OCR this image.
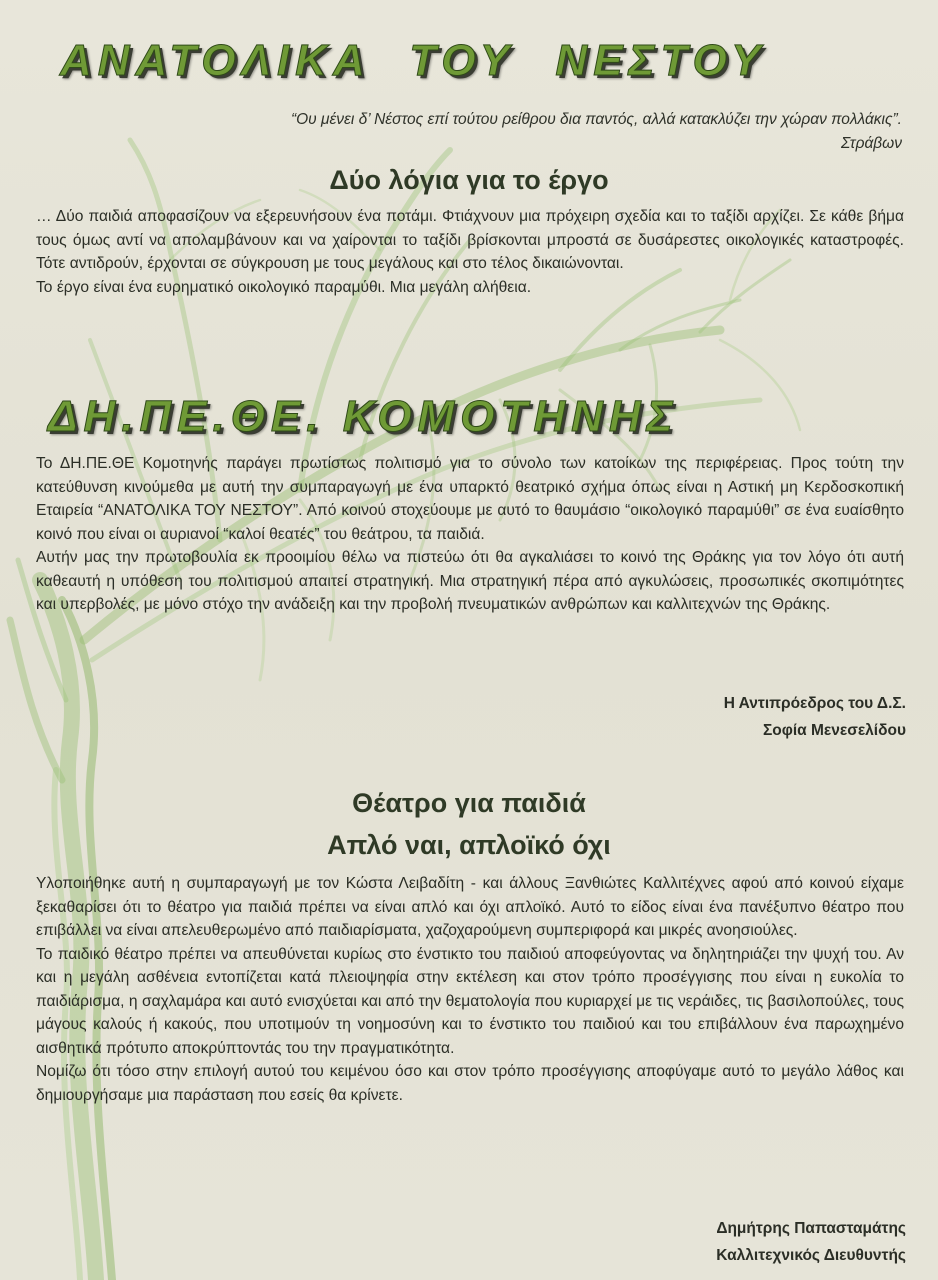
ΑΝΑΤΟΛΙΚΑ ΤΟΥ ΝΕΣΤΟΥ
“Ου μένει δ’ Νέστος επί τούτου ρείθρου δια παντός, αλλά κατακλύζει την χώραν πολλάκις”.
Στράβων
Δύο λόγια για το έργο

… Δύο παιδιά αποφασίζουν να εξερευνήσουν ένα ποτάμι. Φτιάχνουν μια πρόχειρη σχεδία και το ταξίδι αρχίζει. Σε κάθε βήμα τους όμως αντί να απολαμβάνουν και να χαίρονται το ταξίδι βρίσκονται μπροστά σε δυσάρεστες οικολογικές καταστροφές. Τότε αντιδρούν, έρχονται σε σύγκρουση με τους μεγάλους και στο τέλος δικαιώνονται.

Το έργο είναι ένα ευρηματικό οικολογικό παραμύθι. Μια μεγάλη αλήθεια.

ΔΗ.ΠΕ.ΘΕ. ΚΟΜΟΤΗΝΗΣ

Το ΔΗ.ΠΕ.ΘΕ Κομοτηνής παράγει πρωτίστως πολιτισμό για το σύνολο των κατοίκων της περιφέρειας. Προς τούτη την κατεύθυνση κινούμεθα με αυτή την συμπαραγωγή με ένα υπαρκτό θεατρικό σχήμα όπως είναι η Αστική μη Κερδοσκοπική Εταιρεία “ΑΝΑΤΟΛΙΚΑ ΤΟΥ ΝΕΣΤΟΥ”. Από κοινού στοχεύουμε με αυτό το θαυμάσιο “οικολογικό παραμύθι” σε ένα ευαίσθητο κοινό που είναι οι αυριανοί “καλοί θεατές” του θεάτρου, τα παιδιά.

Αυτήν μας την πρωτοβουλία εκ προοιμίου θέλω να πιστεύω ότι θα αγκαλιάσει το κοινό της Θράκης για τον λόγο ότι αυτή καθεαυτή η υπόθεση του πολιτισμού απαιτεί στρατηγική. Μια στρατηγική πέρα από αγκυλώσεις, προσωπικές σκοπιμότητες και υπερβολές, με μόνο στόχο την ανάδειξη και την προβολή πνευματικών ανθρώπων και καλλιτεχνών της Θράκης.

Η Αντιπρόεδρος του Δ.Σ.
Σοφία Μενεσελίδου
Θέατρο για παιδιά
Απλό ναι, απλοϊκό όχι

Υλοποιήθηκε αυτή η συμπαραγωγή με τον Κώστα Λειβαδίτη - και άλλους Ξανθιώτες Καλλιτέχνες αφού από κοινού είχαμε ξεκαθαρίσει ότι το θέατρο για παιδιά πρέπει να είναι απλό και όχι απλοϊκό. Αυτό το είδος είναι ένα πανέξυπνο θέατρο που επιβάλλει να είναι απελευθερωμένο από παιδιαρίσματα, χαζοχαρούμενη συμπεριφορά και μικρές ανοησιούλες.

Το παιδικό θέατρο πρέπει να απευθύνεται κυρίως στο ένστικτο του παιδιού αποφεύγοντας να δηλητηριάζει την ψυχή του. Αν και η μεγάλη ασθένεια εντοπίζεται κατά πλειοψηφία στην εκτέλεση και στον τρόπο προσέγγισης που είναι η ευκολία το παιδιάρισμα, η σαχλαμάρα και αυτό ενισχύεται και από την θεματολογία που κυριαρχεί με τις νεράιδες, τις βασιλοπούλες, τους μάγους καλούς ή κακούς, που υποτιμούν τη νοημοσύνη και το ένστικτο του παιδιού και του επιβάλλουν ένα παρωχημένο αισθητικά πρότυπο αποκρύπτοντάς του την πραγματικότητα.

Νομίζω ότι τόσο στην επιλογή αυτού του κειμένου όσο και στον τρόπο προσέγγισης αποφύγαμε αυτό το μεγάλο λάθος και δημιουργήσαμε μια παράσταση που εσείς θα κρίνετε.

Δημήτρης Παπασταμάτης
Καλλιτεχνικός Διευθυντής
